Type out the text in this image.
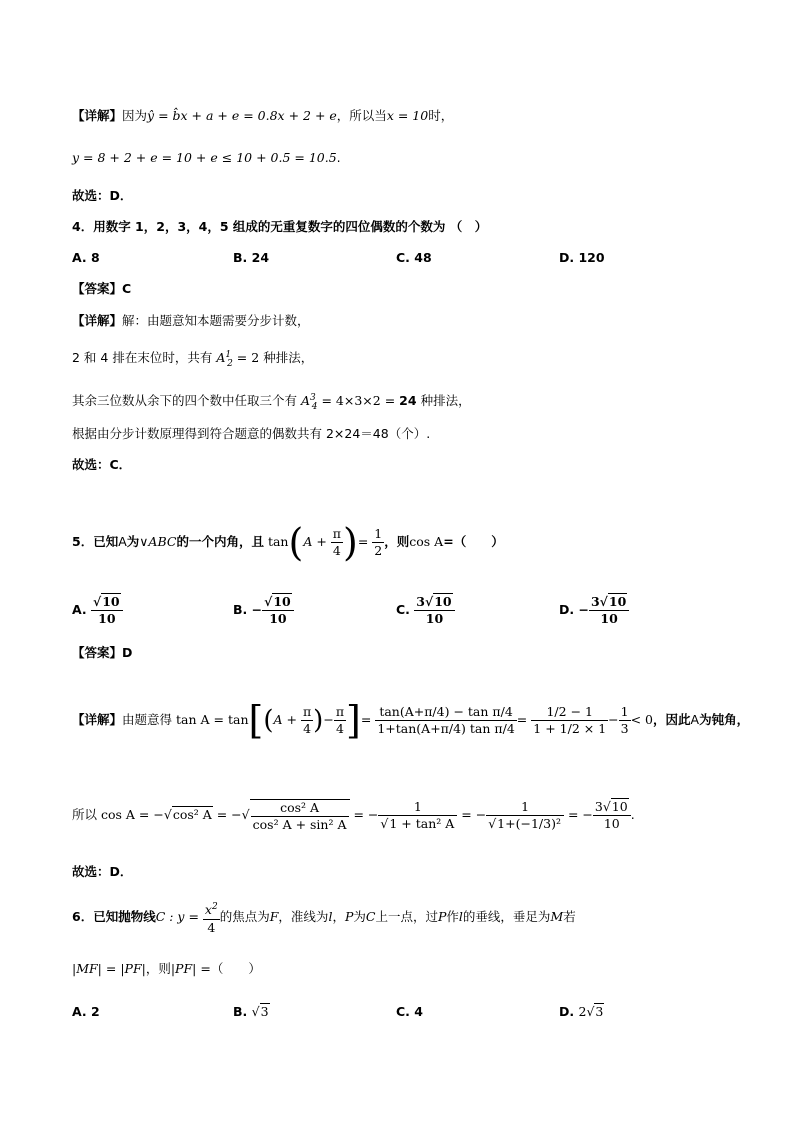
【详解】因为ŷ = b̂x + a + e = 0.8x + 2 + e，所以当x = 10时，
y = 8 + 2 + e = 10 + e ≤ 10 + 0.5 = 10.5.
故选：D．
4．用数字 1，2，3，4，5 组成的无重复数字的四位偶数的个数为 （　）
A. 8	B. 24	C. 48	D. 120
【答案】C
【详解】解：由题意知本题需要分步计数，
2 和 4 排在末位时，共有 $A^1_2 = 2$ 种排法，
其余三位数从余下的四个数中任取三个有 $A^3_4 = 4\times 3\times 2 = 24$ 种排法，
根据由分步计数原理得到符合题意的偶数共有 2×24＝48（个）.
故选：C．
5．已知A为∨ABC的一个内角，且 $\tan(A + \frac{\pi}{4}$ )= $\frac{1}{2}$ ，则cos A=（　　）
A. $\frac{√10}{10}$	B. − $\frac{√10}{10}$	C. $\frac{3√10}{10}$	D. − $\frac{3√10}{10}$
【答案】D
【详解】由题意得 $\tan A = \tan[(A + \frac{\pi}{4}$ )− $\frac{\pi}{4}$ ]= $\frac{\text{tan(A+π/4) − tan π/4}}{\text{1+tan(A+π/4) tan π/4}} = \frac{1/2 - 1}{1 + 1/2 \times 1} - \frac{1}{3} < 0$，因此A为钝角，
所以 cos A = −√cos² A = −√ $\frac{\text{cos² A}}{\text{cos² A + sin² A}}$ = − $\frac{1}{\text{√1 + tan² A}}$ = − $\frac{1}{\text{√1+(−1/3)²}}$ = − $\frac{3√10}{10}$ .
故选：D．
6．已知抛物线C : $y = \frac{x^2}{4}$ 的焦点为F，准线为l，P为C上一点，过P作l的垂线，垂足为M若
|MF| = |PF|，则|PF| =（　　）
A. 2	B. √3	C. 4	D. 2√3
